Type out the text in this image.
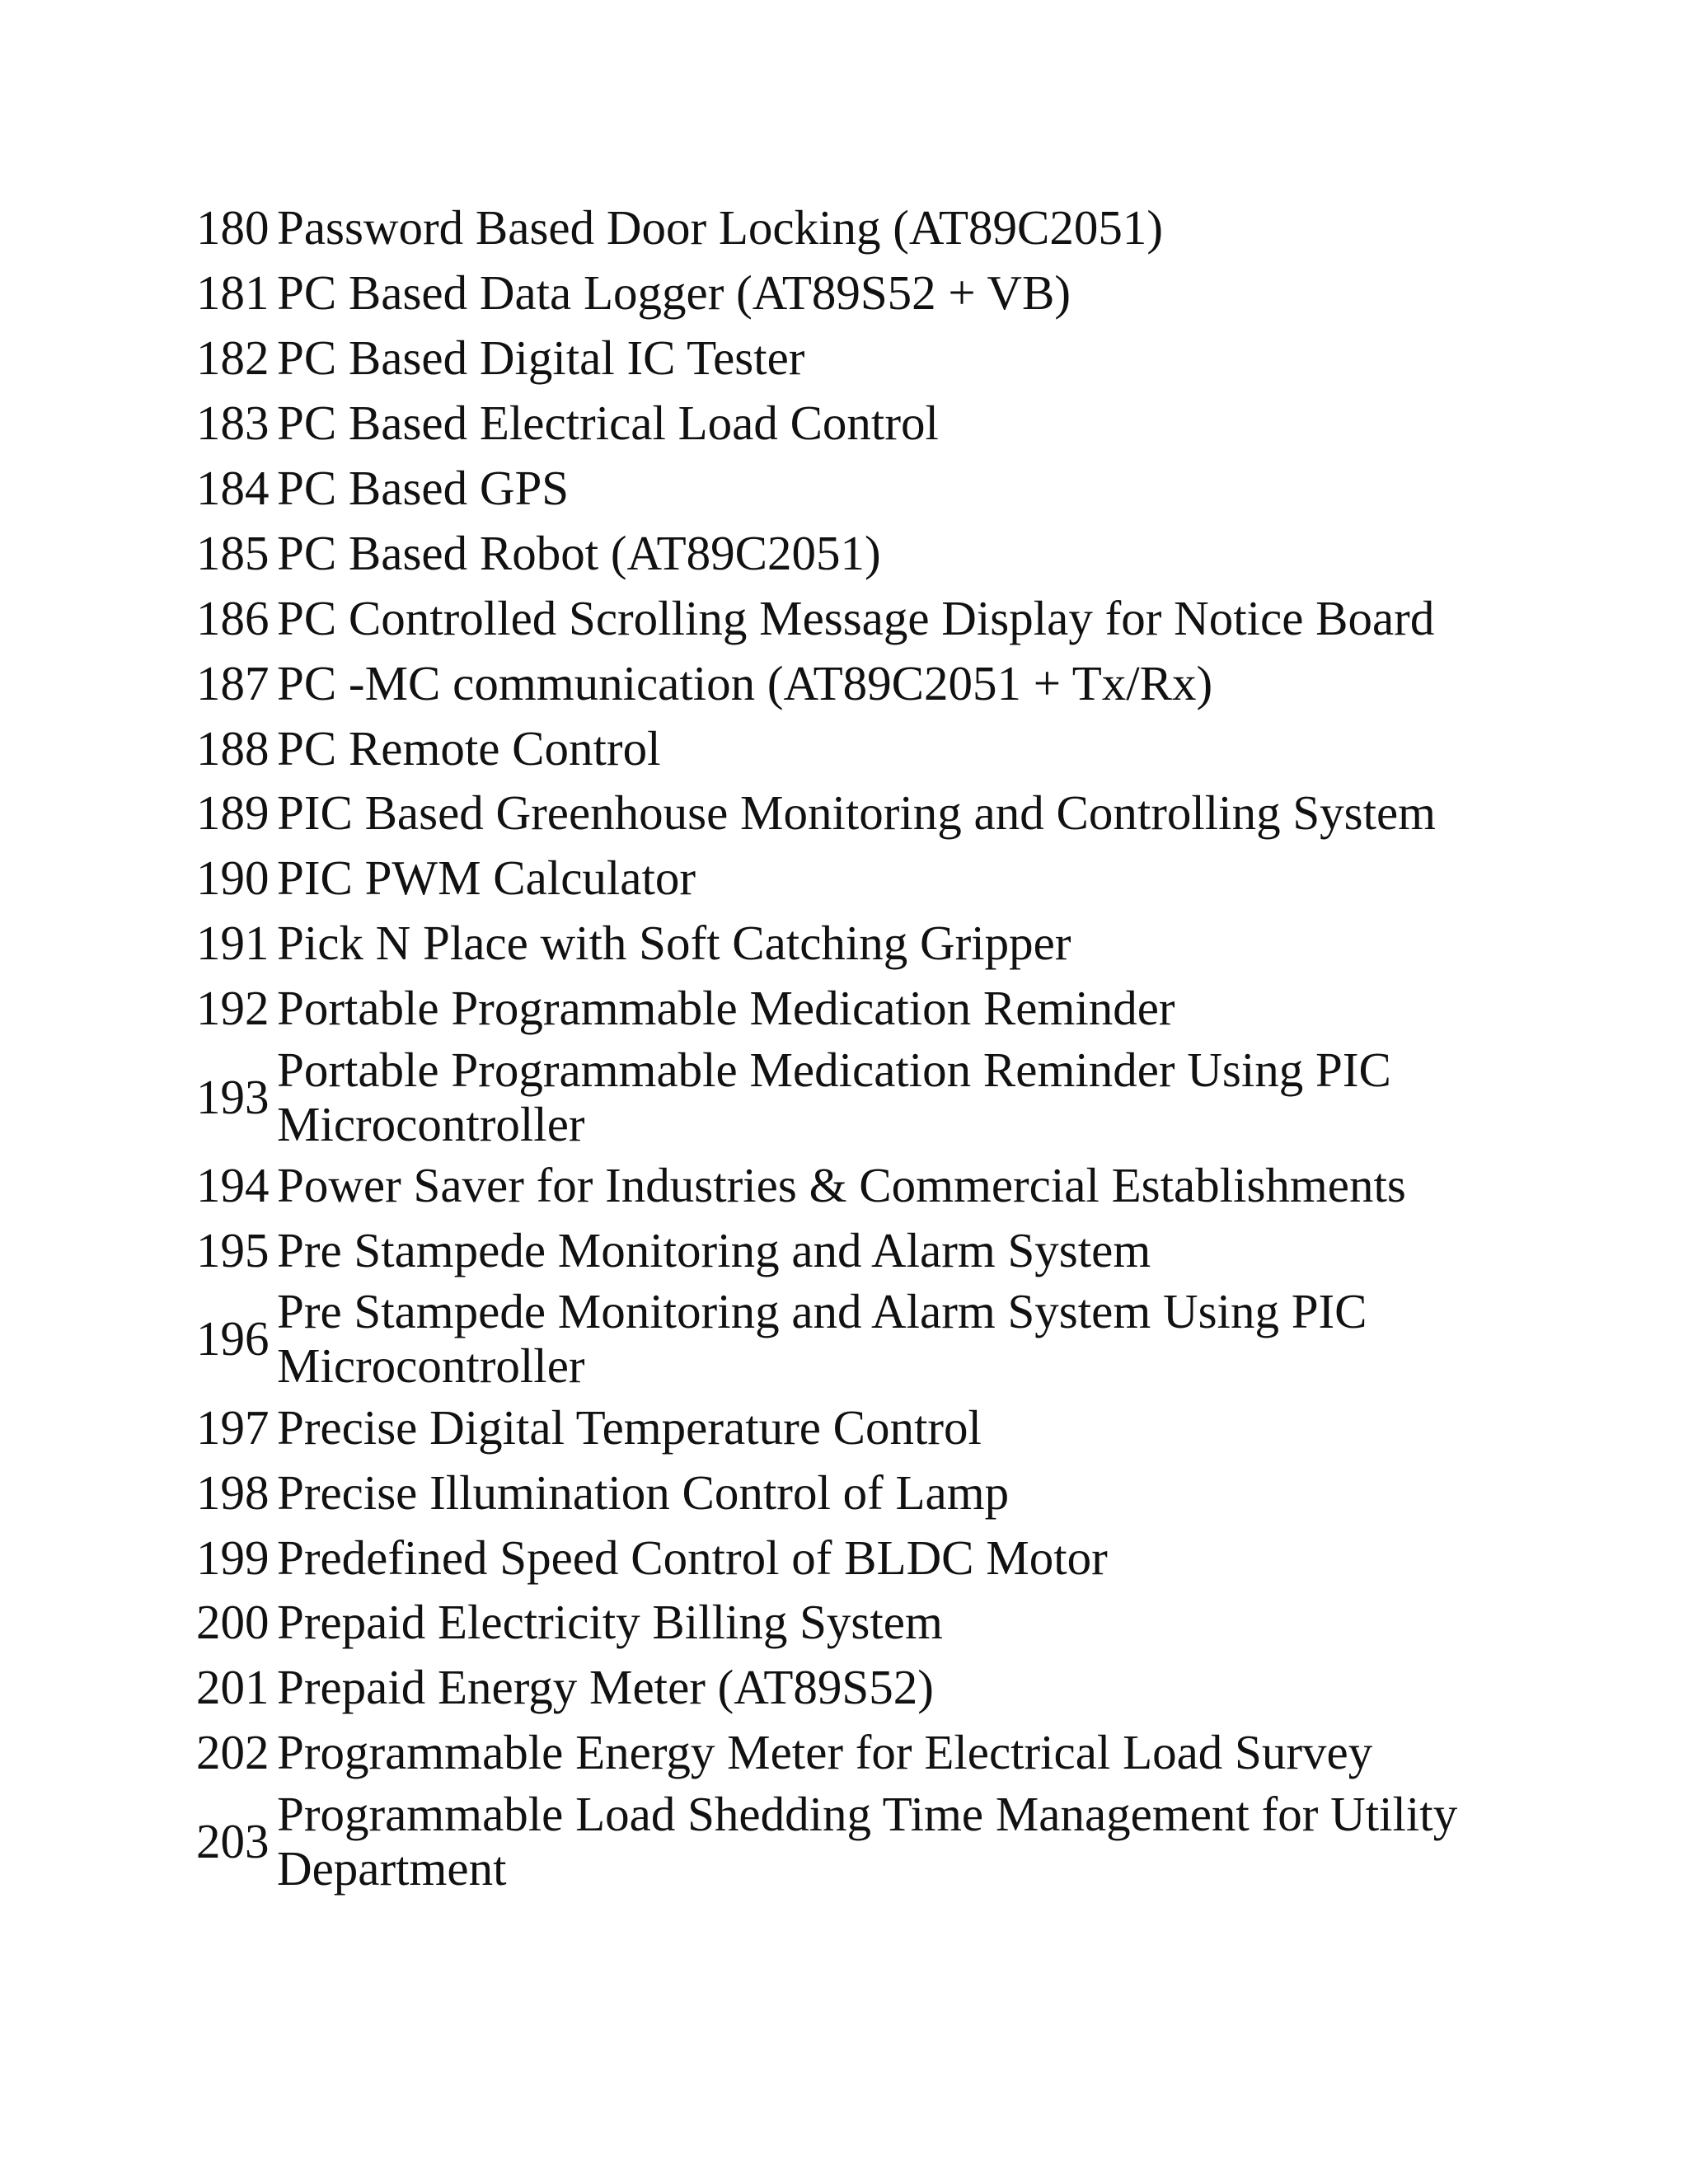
180	Password Based Door Locking (AT89C2051)
181	PC Based Data Logger (AT89S52 + VB)
182	PC Based Digital IC Tester
183	PC Based Electrical Load Control
184	PC Based GPS
185	PC Based Robot (AT89C2051)
186	PC Controlled Scrolling Message Display for Notice Board
187	PC -MC communication (AT89C2051 + Tx/Rx)
188	PC Remote Control
189	PIC Based Greenhouse Monitoring and Controlling System
190	PIC PWM Calculator
191	Pick N Place with Soft Catching Gripper
192	Portable Programmable Medication Reminder
193	Portable Programmable Medication Reminder Using PIC
Microcontroller
194	Power Saver for Industries & Commercial Establishments
195	Pre Stampede Monitoring and Alarm System
196	Pre Stampede Monitoring and Alarm System Using PIC
Microcontroller
197	Precise Digital Temperature Control
198	Precise Illumination Control of Lamp
199	Predefined Speed Control of BLDC Motor
200	Prepaid Electricity Billing System
201	Prepaid Energy Meter (AT89S52)
202	Programmable Energy Meter for Electrical Load Survey
203	Programmable Load Shedding Time Management for Utility
Department
